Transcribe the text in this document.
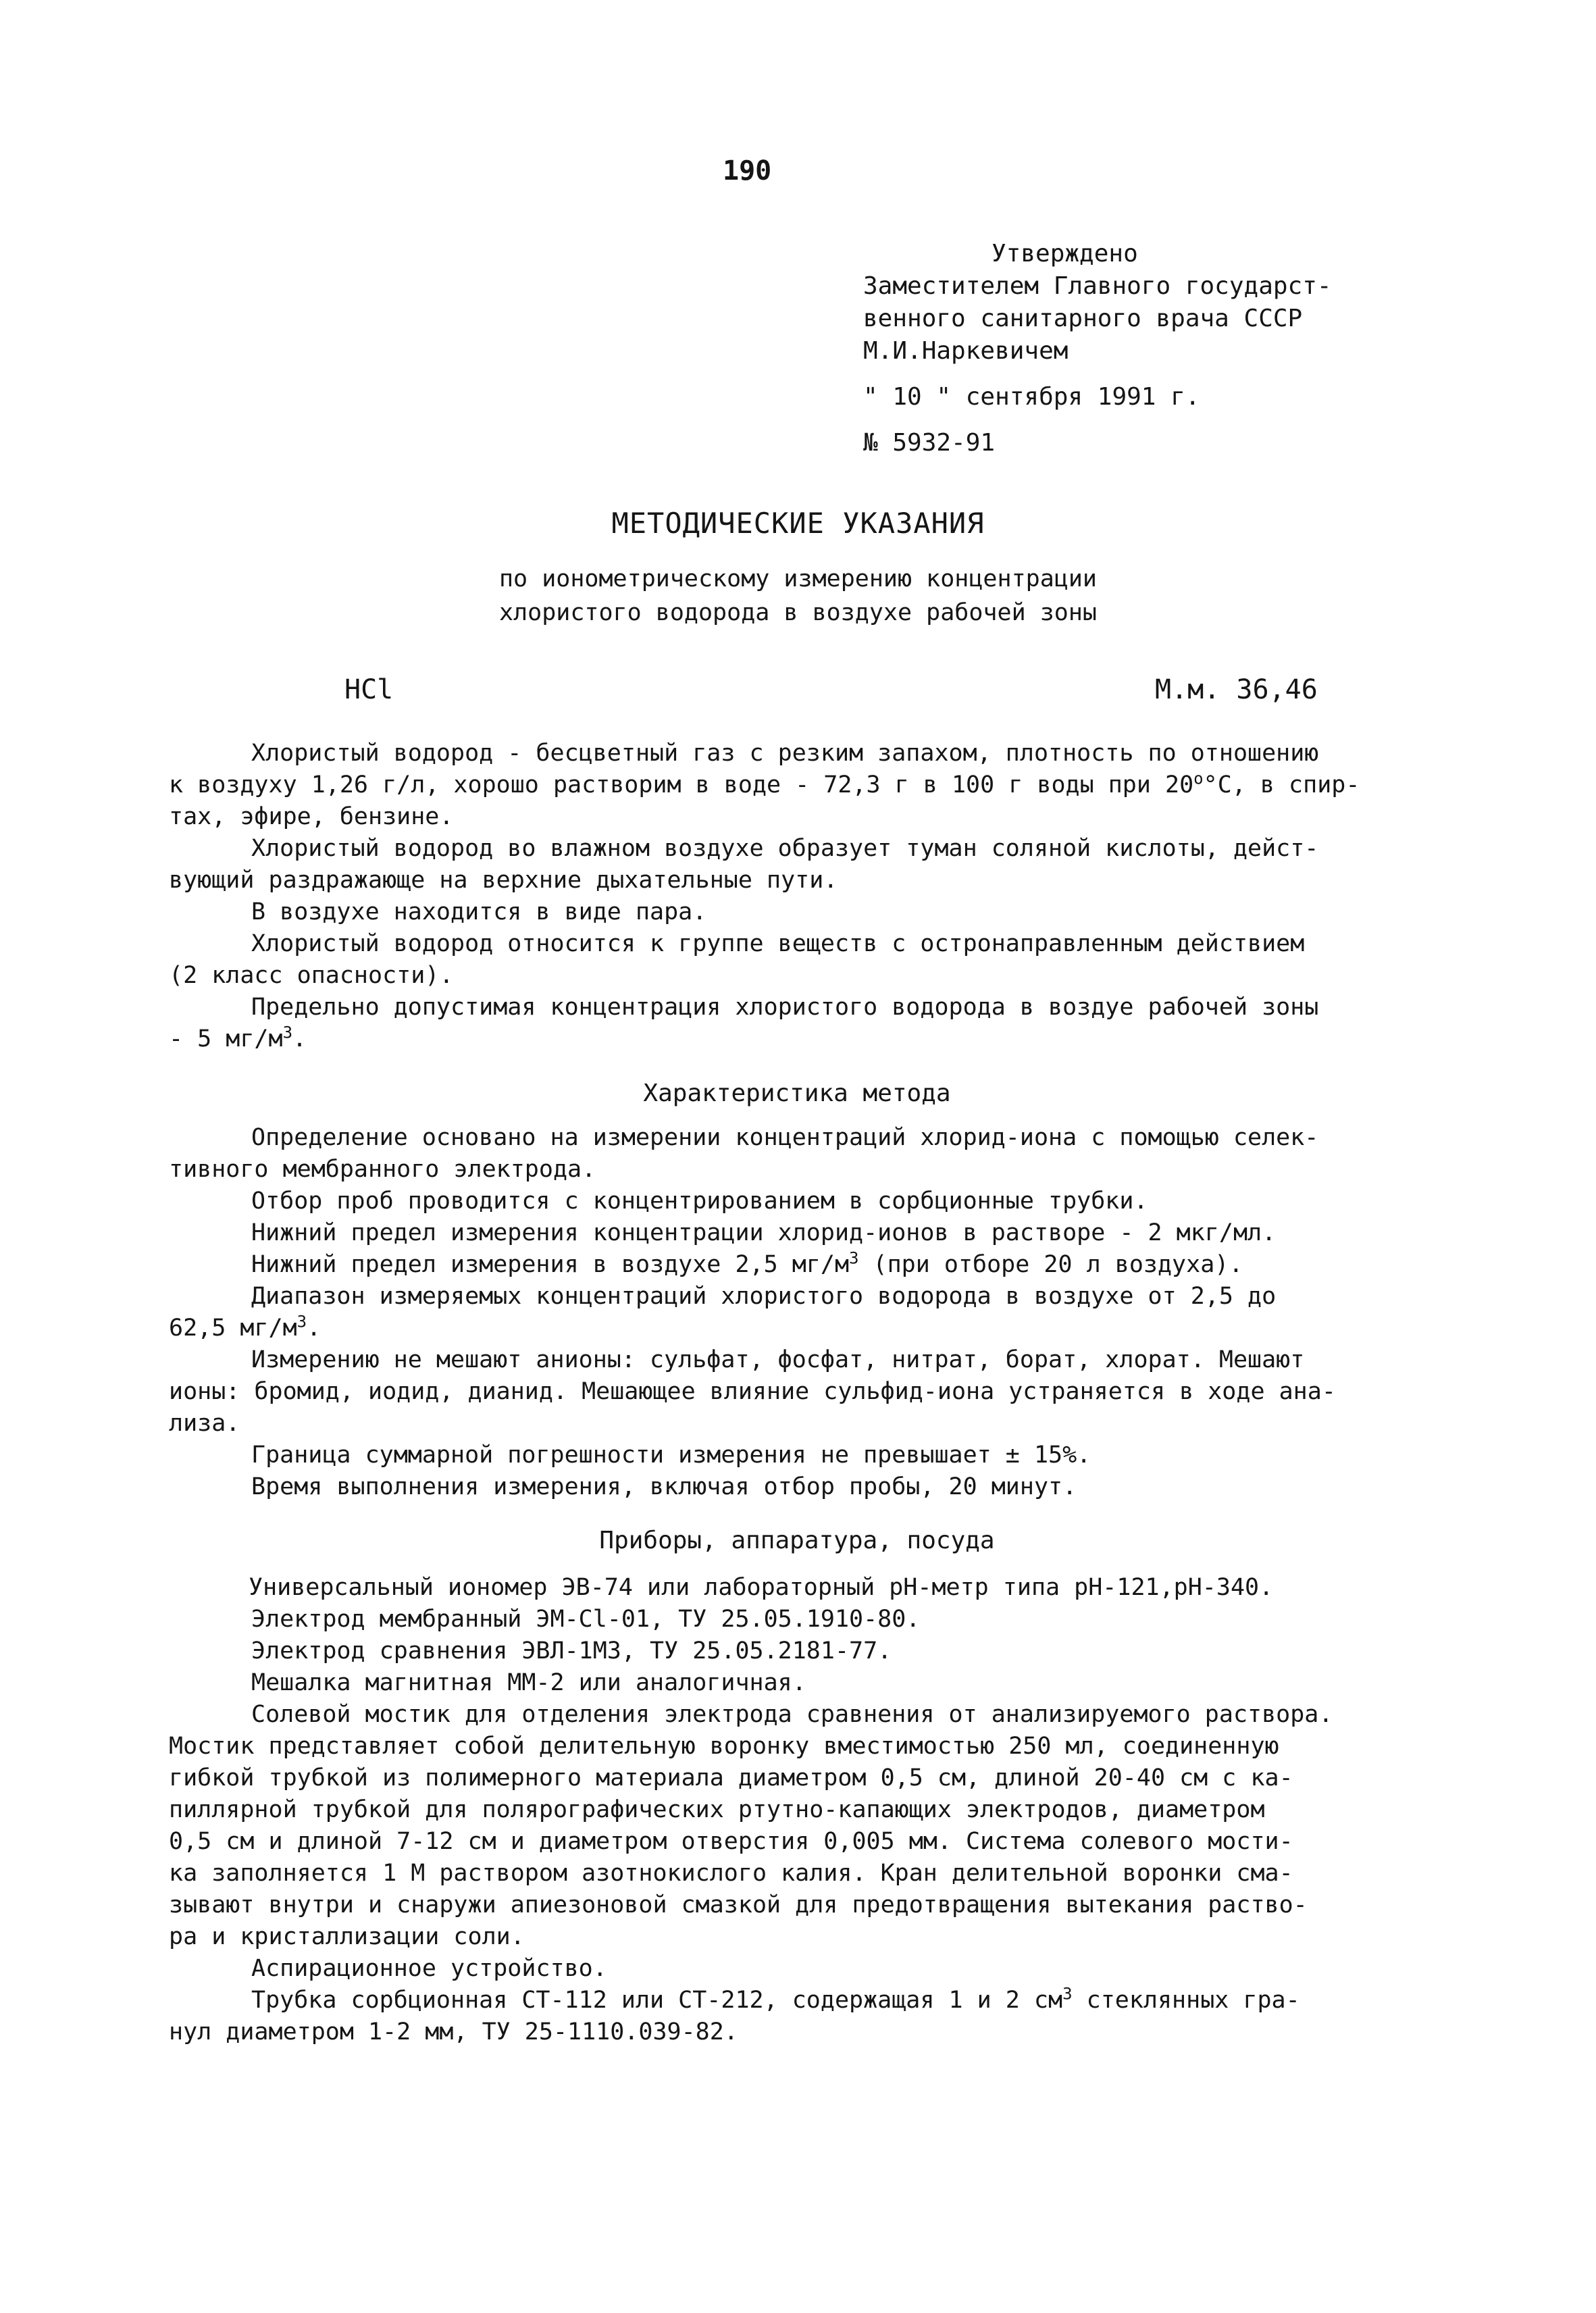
190
Утверждено
Заместителем Главного государст-
венного санитарного врача СССР
М.И.Наркевичем
" 10 " сентября 1991 г.
№ 5932-91
МЕТОДИЧЕСКИЕ УКАЗАНИЯ
по ионометрическому измерению концентрации
хлористого водорода в воздухе рабочей зоны
HCl	М.м. 36,46
Хлористый водород - бесцветный газ с резким запахом, плотность по отношению
к воздуху 1,26 г/л, хорошо растворим в воде - 72,3 г в 100 г воды при $20^о^\circ С$, в спир-
тах, эфире, бензине.
Хлористый водород во влажном воздухе образует туман соляной кислоты, дейст-
вующий раздражающе на верхние дыхательные пути.
В воздухе находится в виде пара.
Хлористый водород относится к группе веществ с остронаправленным действием
(2 класс опасности).
Предельно допустимая концентрация хлористого водорода в воздуе рабочей зоны
- 5 $мг/м^3$.
Характеристика метода
Определение основано на измерении концентраций хлорид-иона с помощью селек-
тивного мембранного электрода.
Отбор проб проводится с концентрированием в сорбционные трубки.
Нижний предел измерения концентрации хлорид-ионов в растворе - 2 мкг/мл.
Нижний предел измерения в воздухе 2,5 $мг/м^3$ (при отборе 20 л воздуха).
Диапазон измеряемых концентраций хлористого водорода в воздухе от 2,5 до
62,5 $мг/м^3$.
Измерению не мешают анионы: сульфат, фосфат, нитрат, борат, хлорат. Мешают
ионы: бромид, иодид, дианид. Мешающее влияние сульфид-иона устраняется в ходе ана-
лиза.
Граница суммарной погрешности измерения не превышает ± 15%.
Время выполнения измерения, включая отбор пробы, 20 минут.
Приборы, аппаратура, посуда
Универсальный иономер ЭВ-74 или лабораторный рН-метр типа рН-121,рН-340.
Электрод мембранный ЭМ-Сl-01, ТУ 25.05.1910-80.
Электрод сравнения ЭВЛ-1МЗ, ТУ 25.05.2181-77.
Мешалка магнитная ММ-2 или аналогичная.
Солевой мостик для отделения электрода сравнения от анализируемого раствора.
Мостик представляет собой делительную воронку вместимостью 250 мл, соединенную
гибкой трубкой из полимерного материала диаметром 0,5 см, длиной 20-40 см с ка-
пиллярной трубкой для полярографических ртутно-капающих электродов, диаметром
0,5 см и длиной 7-12 см и диаметром отверстия 0,005 мм. Система солевого мости-
ка заполняется 1 М раствором азотнокислого калия. Кран делительной воронки сма-
зывают внутри и снаружи апиезоновой смазкой для предотвращения вытекания раство-
ра и кристаллизации соли.
Аспирационное устройство.
Трубка сорбционная СТ-112 или СТ-212, содержащая 1 и 2 $см^3$ стеклянных гра-
нул диаметром 1-2 мм, ТУ 25-1110.039-82.
